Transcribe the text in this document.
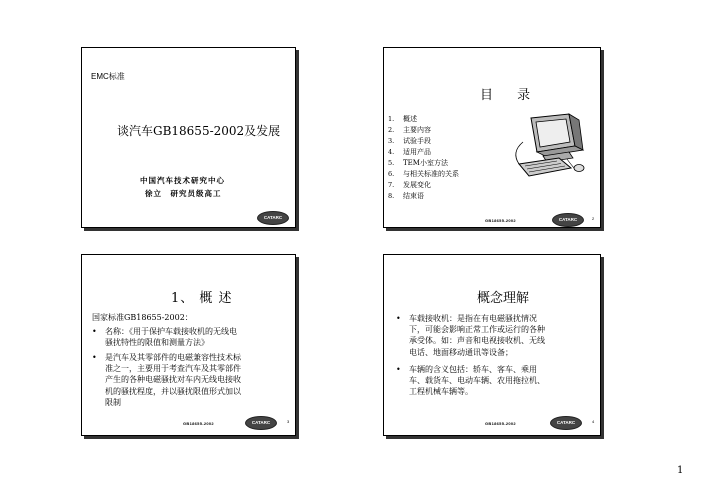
EMC标准
谈汽车GB18655-2002及发展
中国汽车技术研究中心
徐立　研究员级高工
CATARC
目 录
1. 概述
2. 主要内容
3. 试验手段
4. 适用产品
5. TEM小室方法
6. 与相关标准的关系
7. 发展变化
8. 结束语
GB18655-2002	CATARC	2
1、 概 述
国家标准GB18655-2002：
• 名称：《用于保护车载接收机的无线电
骚扰特性的限值和测量方法》
• 是汽车及其零部件的电磁兼容性技术标
准之一，主要用于考查汽车及其零部件
产生的各种电磁骚扰对车内无线电接收
机的骚扰程度，并以骚扰限值形式加以
限制
GB18655-2002	CATARC	3
概念理解
• 车载接收机：是指在有电磁骚扰情况
下，可能会影响正常工作或运行的各种
承受体。如：声音和电视接收机、无线
电话、地面移动通讯等设备；
• 车辆的含义包括：轿车、客车、乘用
车、载货车、电动车辆、农用拖拉机、
工程机械车辆等。
GB18655-2002	CATARC	4
1
